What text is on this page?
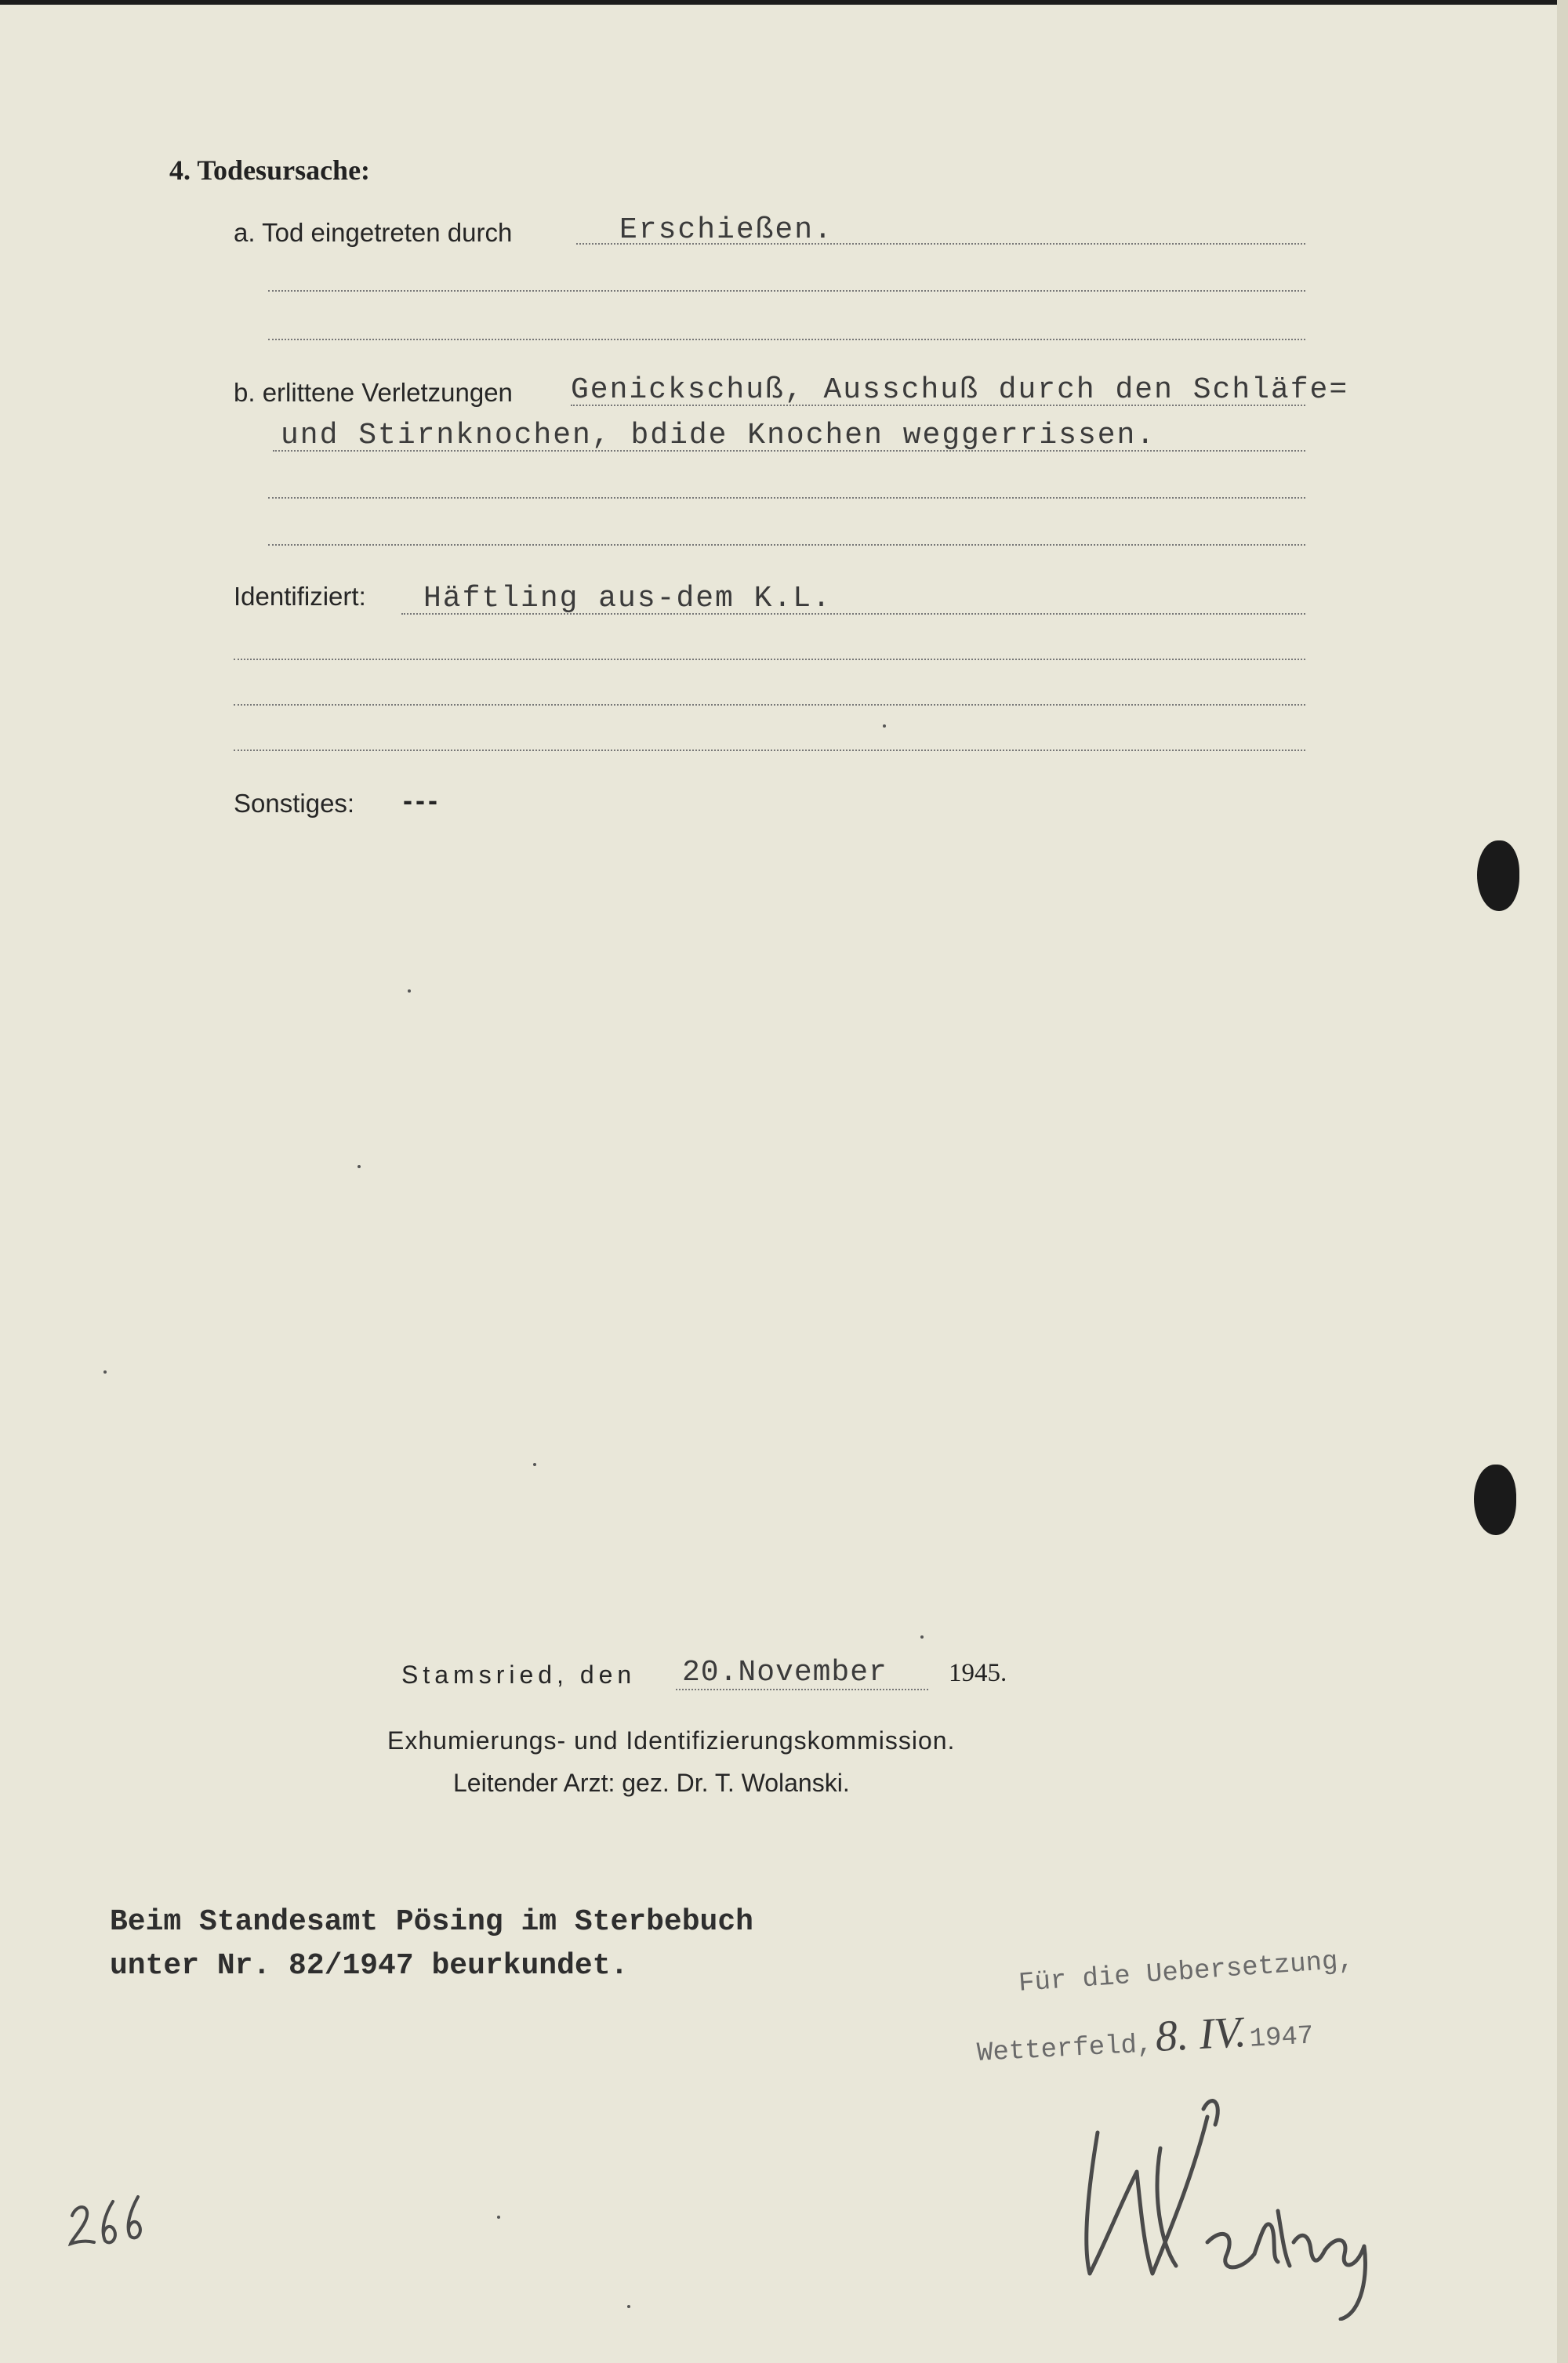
4. Todesursache:
a. Tod eingetreten durch	Erschießen.
b. erlittene Verletzungen Genickschuß, Ausschuß durch den Schläfe=
und Stirnknochen, bdide Knochen weggerrissen.
Identifiziert: Häftling aus-dem K.L.
Sonstiges: ---
Stamsried, den 20.November 1945.
Exhumierungs- und Identifizierungskommission.
Leitender Arzt: gez. Dr. T. Wolanski.
Beim Standesamt Pösing im Sterbebuch
unter Nr. 82/1947 beurkundet.	Für die Uebersetzung,
Wetterfeld, 8. IV. 1947
